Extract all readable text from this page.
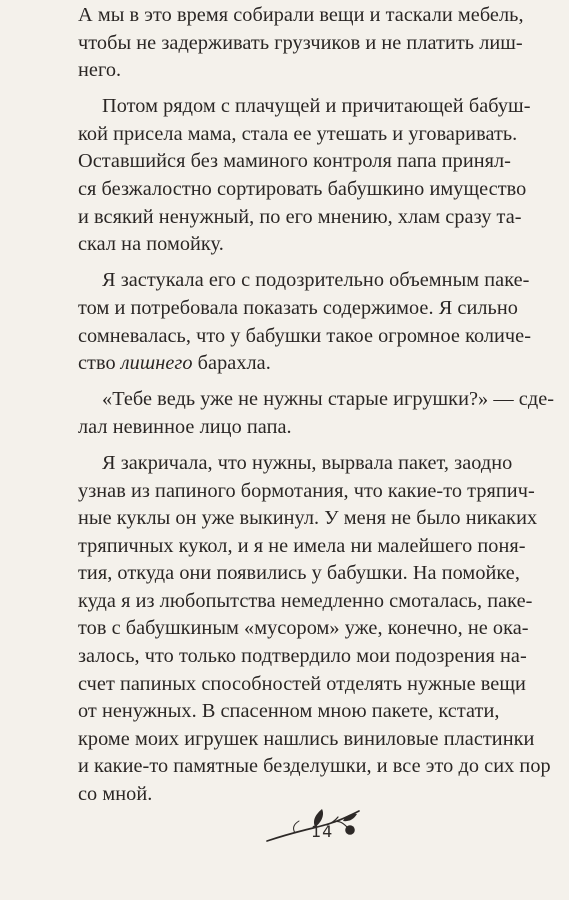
А мы в это время собирали вещи и таскали мебель,
чтобы не задерживать грузчиков и не платить лиш-
него.

Потом рядом с плачущей и причитающей бабуш-
кой присела мама, стала ее утешать и уговаривать.
Оставшийся без маминого контроля папа принял-
ся безжалостно сортировать бабушкино имущество
и всякий ненужный, по его мнению, хлам сразу та-
скал на помойку.

Я застукала его с подозрительно объемным паке-
том и потребовала показать содержимое. Я сильно
сомневалась, что у бабушки такое огромное количе-
ство лишнего барахла.

«Тебе ведь уже не нужны старые игрушки?» — сде-
лал невинное лицо папа.

Я закричала, что нужны, вырвала пакет, заодно
узнав из папиного бормотания, что какие-то тряпич-
ные куклы он уже выкинул. У меня не было никаких
тряпичных кукол, и я не имела ни малейшего поня-
тия, откуда они появились у бабушки. На помойке,
куда я из любопытства немедленно смоталась, паке-
тов с бабушкиным «мусором» уже, конечно, не ока-
залось, что только подтвердило мои подозрения на-
счет папиных способностей отделять нужные вещи
от ненужных. В спасенном мною пакете, кстати,
кроме моих игрушек нашлись виниловые пластинки
и какие-то памятные безделушки, и все это до сих пор
со мной.

14
